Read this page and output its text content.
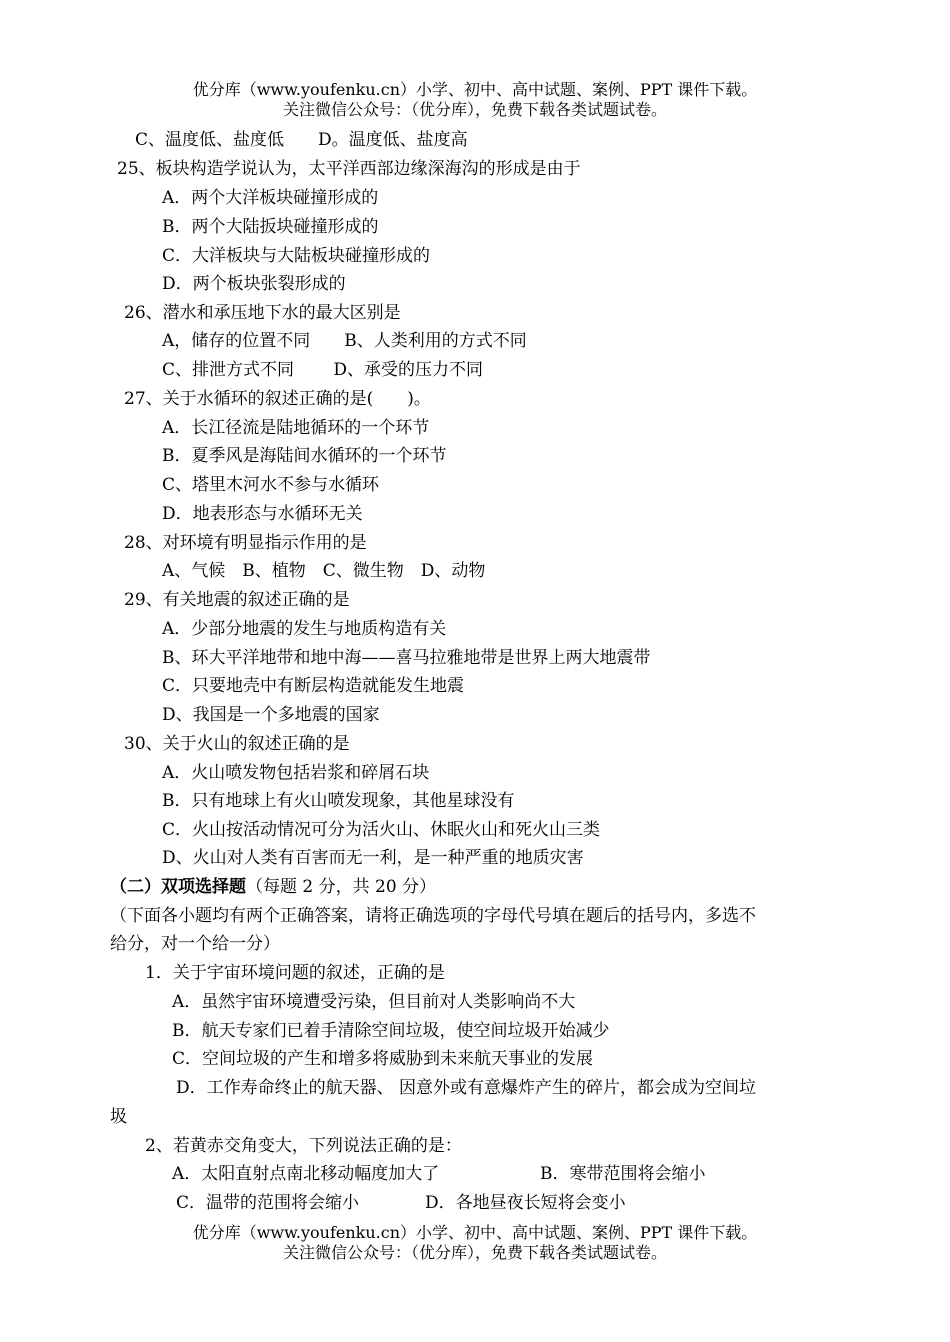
优分库（www.youfenku.cn）小学、初中、高中试题、案例、PPT 课件下载。
关注微信公众号：（优分库），免费下载各类试题试卷。
C、温度低、盐度低　　D。温度低、盐度高
25、板块构造学说认为，太平洋西部边缘深海沟的形成是由于
A．两个大洋板块碰撞形成的
B．两个大陆扳块碰撞形成的
C．大洋板块与大陆板块碰撞形成的
D．两个板块张裂形成的
26、潜水和承压地下水的最大区别是
A，储存的位置不同　　B、人类利用的方式不同
C、排泄方式不同　　 D、承受的压力不同
27、关于水循环的叙述正确的是(　　)。
A．长江径流是陆地循环的一个环节
B．夏季风是海陆间水循环的一个环节
C、塔里木河水不参与水循环
D．地表形态与水循环无关
28、对环境有明显指示作用的是
A、气候　B、植物　C、微生物　D、动物
29、有关地震的叙述正确的是
A．少部分地震的发生与地质构造有关
B、环大平洋地带和地中海——喜马拉雅地带是世界上两大地震带
C．只要地壳中有断层构造就能发生地震
D、我国是一个多地震的国家
30、关于火山的叙述正确的是
A．火山喷发物包括岩浆和碎屑石块
B．只有地球上有火山喷发现象，其他星球没有
C．火山按活动情况可分为活火山、休眠火山和死火山三类
D、火山对人类有百害而无一利，是一种严重的地质灾害
（二）双项选择题（每题 2 分，共 20 分）
（下面各小题均有两个正确答案，请将正确选项的字母代号填在题后的括号内，多选不
给分，对一个给一分）
1．关于宇宙环境问题的叙述，正确的是
A．虽然宇宙环境遭受污染，但目前对人类影响尚不大
B．航天专家们已着手清除空间垃圾，使空间垃圾开始减少
C．空间垃圾的产生和增多将威胁到未来航天事业的发展
D．工作寿命终止的航天器、 因意外或有意爆炸产生的碎片，都会成为空间垃
圾
2、若黄赤交角变大，下列说法正确的是：
A．太阳直射点南北移动幅度加大了	B．寒带范围将会缩小
C．温带的范围将会缩小	D．各地昼夜长短将会变小
优分库（www.youfenku.cn）小学、初中、高中试题、案例、PPT 课件下载。
关注微信公众号：（优分库），免费下载各类试题试卷。
